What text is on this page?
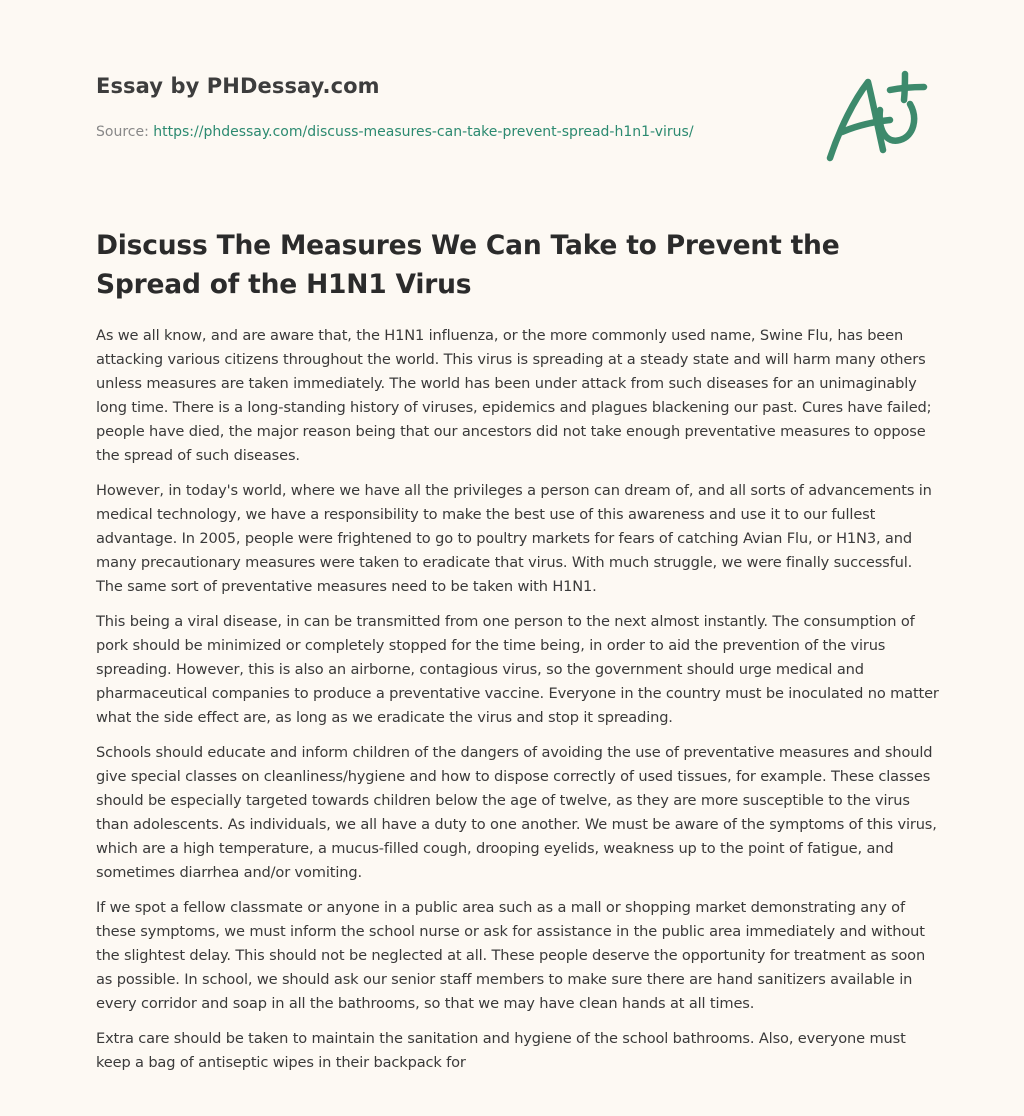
Essay by PHDessay.com
Source: https://phdessay.com/discuss-measures-can-take-prevent-spread-h1n1-virus/
Discuss The Measures We Can Take to Prevent the Spread of the H1N1 Virus

As we all know, and are aware that, the H1N1 influenza, or the more commonly used name, Swine Flu, has been attacking various citizens throughout the world. This virus is spreading at a steady state and will harm many others unless measures are taken immediately. The world has been under attack from such diseases for an unimaginably long time. There is a long-standing history of viruses, epidemics and plagues blackening our past. Cures have failed; people have died, the major reason being that our ancestors did not take enough preventative measures to oppose the spread of such diseases.

However, in today's world, where we have all the privileges a person can dream of, and all sorts of advancements in medical technology, we have a responsibility to make the best use of this awareness and use it to our fullest advantage. In 2005, people were frightened to go to poultry markets for fears of catching Avian Flu, or H1N3, and many precautionary measures were taken to eradicate that virus. With much struggle, we were finally successful. The same sort of preventative measures need to be taken with H1N1.

This being a viral disease, in can be transmitted from one person to the next almost instantly. The consumption of pork should be minimized or completely stopped for the time being, in order to aid the prevention of the virus spreading. However, this is also an airborne, contagious virus, so the government should urge medical and pharmaceutical companies to produce a preventative vaccine. Everyone in the country must be inoculated no matter what the side effect are, as long as we eradicate the virus and stop it spreading.

Schools should educate and inform children of the dangers of avoiding the use of preventative measures and should give special classes on cleanliness/hygiene and how to dispose correctly of used tissues, for example. These classes should be especially targeted towards children below the age of twelve, as they are more susceptible to the virus than adolescents. As individuals, we all have a duty to one another. We must be aware of the symptoms of this virus, which are a high temperature, a mucus-filled cough, drooping eyelids, weakness up to the point of fatigue, and sometimes diarrhea and/or vomiting.

If we spot a fellow classmate or anyone in a public area such as a mall or shopping market demonstrating any of these symptoms, we must inform the school nurse or ask for assistance in the public area immediately and without the slightest delay. This should not be neglected at all. These people deserve the opportunity for treatment as soon as possible. In school, we should ask our senior staff members to make sure there are hand sanitizers available in every corridor and soap in all the bathrooms, so that we may have clean hands at all times.

Extra care should be taken to maintain the sanitation and hygiene of the school bathrooms. Also, everyone must keep a bag of antiseptic wipes in their backpack for
